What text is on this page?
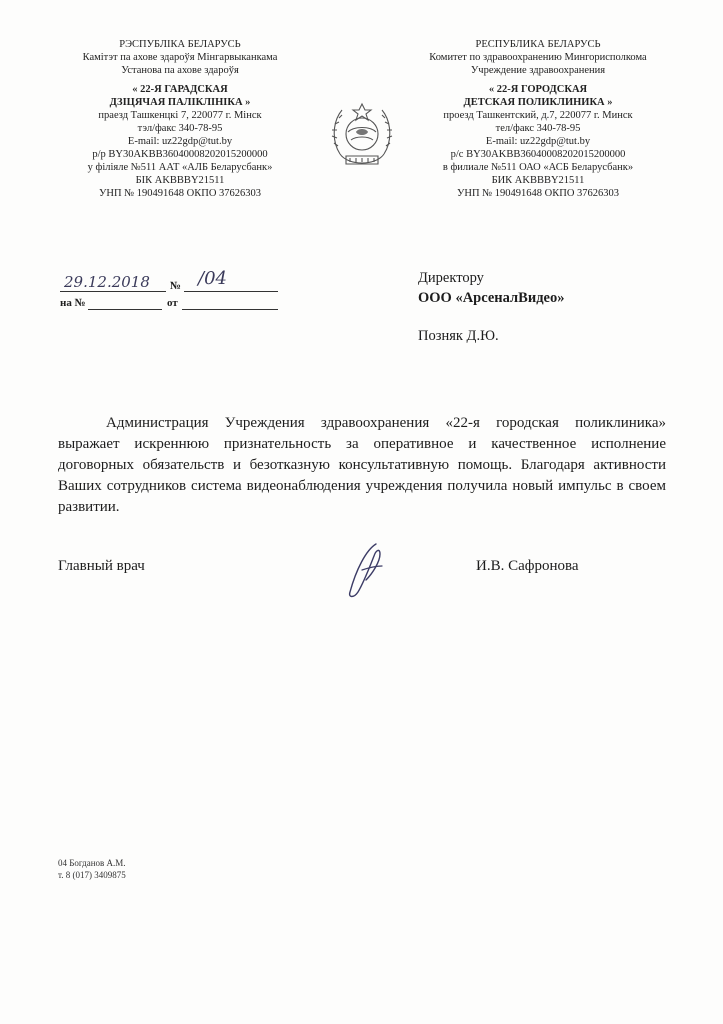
РЭСПУБЛІКА БЕЛАРУСЬ
Камітэт па ахове здароўя Мінгарвыканкама
Установа па ахове здароўя
« 22-Я ГАРАДСКАЯ
ДЗІЦЯЧАЯ ПАЛІКЛІНІКА »
праезд Ташкенцкі 7, 220077 г. Мінск
тэл/факс 340-78-95
E-mail: uz22gdp@tut.by
р/р BY30AKBB36040008202015200000
у філіяле №511 ААТ «АЛБ Беларусбанк»
БІК AKBBBY21511
УНП № 190491648 ОКПО 37626303
РЕСПУБЛИКА БЕЛАРУСЬ
Комитет по здравоохранению Мингорисполкома
Учреждение здравоохранения
« 22-Я ГОРОДСКАЯ
ДЕТСКАЯ ПОЛИКЛИНИКА »
проезд Ташкентский, д.7, 220077 г. Минск
тел/факс 340-78-95
E-mail: uz22gdp@tut.by
р/с BY30AKBB36040008202015200000
в филиале №511 ОАО «АСБ Беларусбанк»
БИК AKBBBY21511
УНП № 190491648 ОКПО 37626303
29.12.2018 № /04
на №	от
Директору
ООО «АрсеналВидео»
Позняк Д.Ю.
Администрация Учреждения здравоохранения «22-я городская поликлиника» выражает искреннюю признательность за оперативное и качественное исполнение договорных обязательств и безотказную консультативную помощь. Благодаря активности Ваших сотрудников система видеонаблюдения учреждения получила новый импульс в своем развитии.
Главный врач	И.В. Сафронова
04 Богданов А.М.
т. 8 (017) 3409875
